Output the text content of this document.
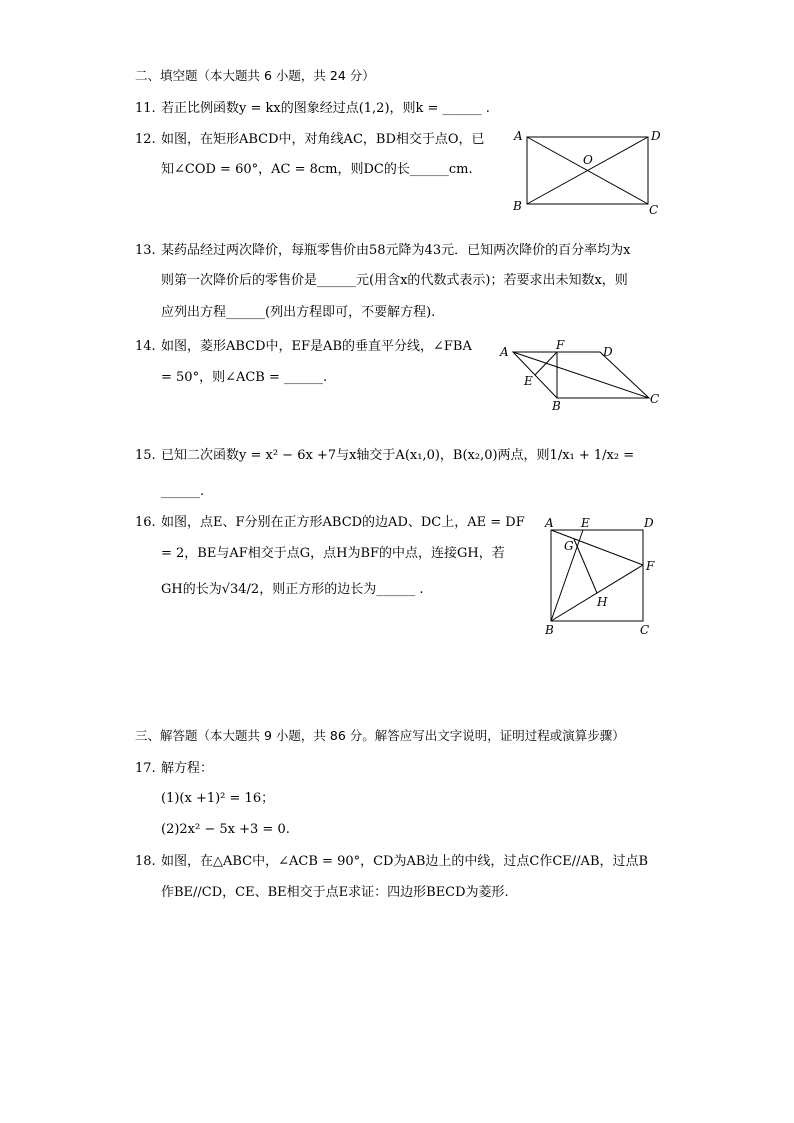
二、填空题（本大题共 6 小题，共 24 分）
11. 若正比例函数y = kx的图象经过点(1,2)，则k = ______ .
12. 如图，在矩形ABCD中，对角线AC，BD相交于点O，已
知∠COD = 60°，AC = 8cm，则DC的长______cm.
A	D
O
B	C
13. 某药品经过两次降价，每瓶零售价由58元降为43元．已知两次降价的百分率均为x
则第一次降价后的零售价是______元(用含x的代数式表示)；若要求出未知数x，则
应列出方程______(列出方程即可，不要解方程).
14. 如图，菱形ABCD中，EF是AB的垂直平分线，∠FBA
= 50°，则∠ACB = ______.
A	F	D
E
B	C
15. 已知二次函数y = x² − 6x +7与x轴交于A(x₁,0)，B(x₂,0)两点，则1/x₁ + 1/x₂ =
______.
16. 如图，点E、F分别在正方形ABCD的边AD、DC上，AE = DF
= 2，BE与AF相交于点G，点H为BF的中点，连接GH，若
GH的长为√34/2，则正方形的边长为______ .
A E	D
G
F
H
B	C
三、解答题（本大题共 9 小题，共 86 分。解答应写出文字说明，证明过程或演算步骤）
17. 解方程：
(1)(x +1)² = 16；
(2)2x² − 5x +3 = 0.
18. 如图，在△ABC中，∠ACB = 90°，CD为AB边上的中线，过点C作CE//AB，过点B
作BE//CD，CE、BE相交于点E求证：四边形BECD为菱形.
